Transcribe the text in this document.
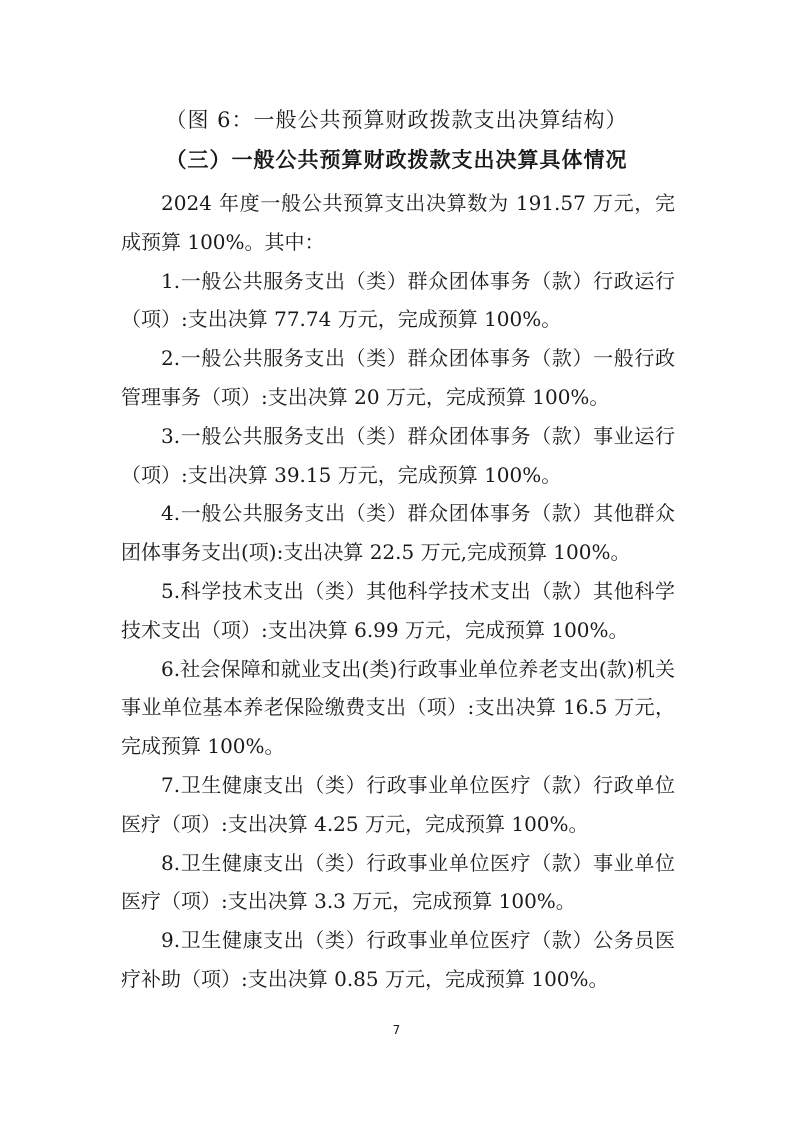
（图 6：一般公共预算财政拨款支出决算结构）
（三）一般公共预算财政拨款支出决算具体情况

2024 年度一般公共预算支出决算数为 191.57 万元，完成预算 100%。其中：

1.一般公共服务支出（类）群众团体事务（款）行政运行（项）:支出决算 77.74 万元，完成预算 100%。

2.一般公共服务支出（类）群众团体事务（款）一般行政管理事务（项）:支出决算 20 万元，完成预算 100%。

3.一般公共服务支出（类）群众团体事务（款）事业运行（项）:支出决算 39.15 万元，完成预算 100%。

4.一般公共服务支出（类）群众团体事务（款）其他群众团体事务支出(项):支出决算 22.5 万元,完成预算 100%。

5.科学技术支出（类）其他科学技术支出（款）其他科学技术支出（项）:支出决算 6.99 万元，完成预算 100%。

6.社会保障和就业支出(类)行政事业单位养老支出(款)机关事业单位基本养老保险缴费支出（项）:支出决算 16.5 万元，完成预算 100%。

7.卫生健康支出（类）行政事业单位医疗（款）行政单位医疗（项）:支出决算 4.25 万元，完成预算 100%。

8.卫生健康支出（类）行政事业单位医疗（款）事业单位医疗（项）:支出决算 3.3 万元，完成预算 100%。

9.卫生健康支出（类）行政事业单位医疗（款）公务员医疗补助（项）:支出决算 0.85 万元，完成预算 100%。

7
